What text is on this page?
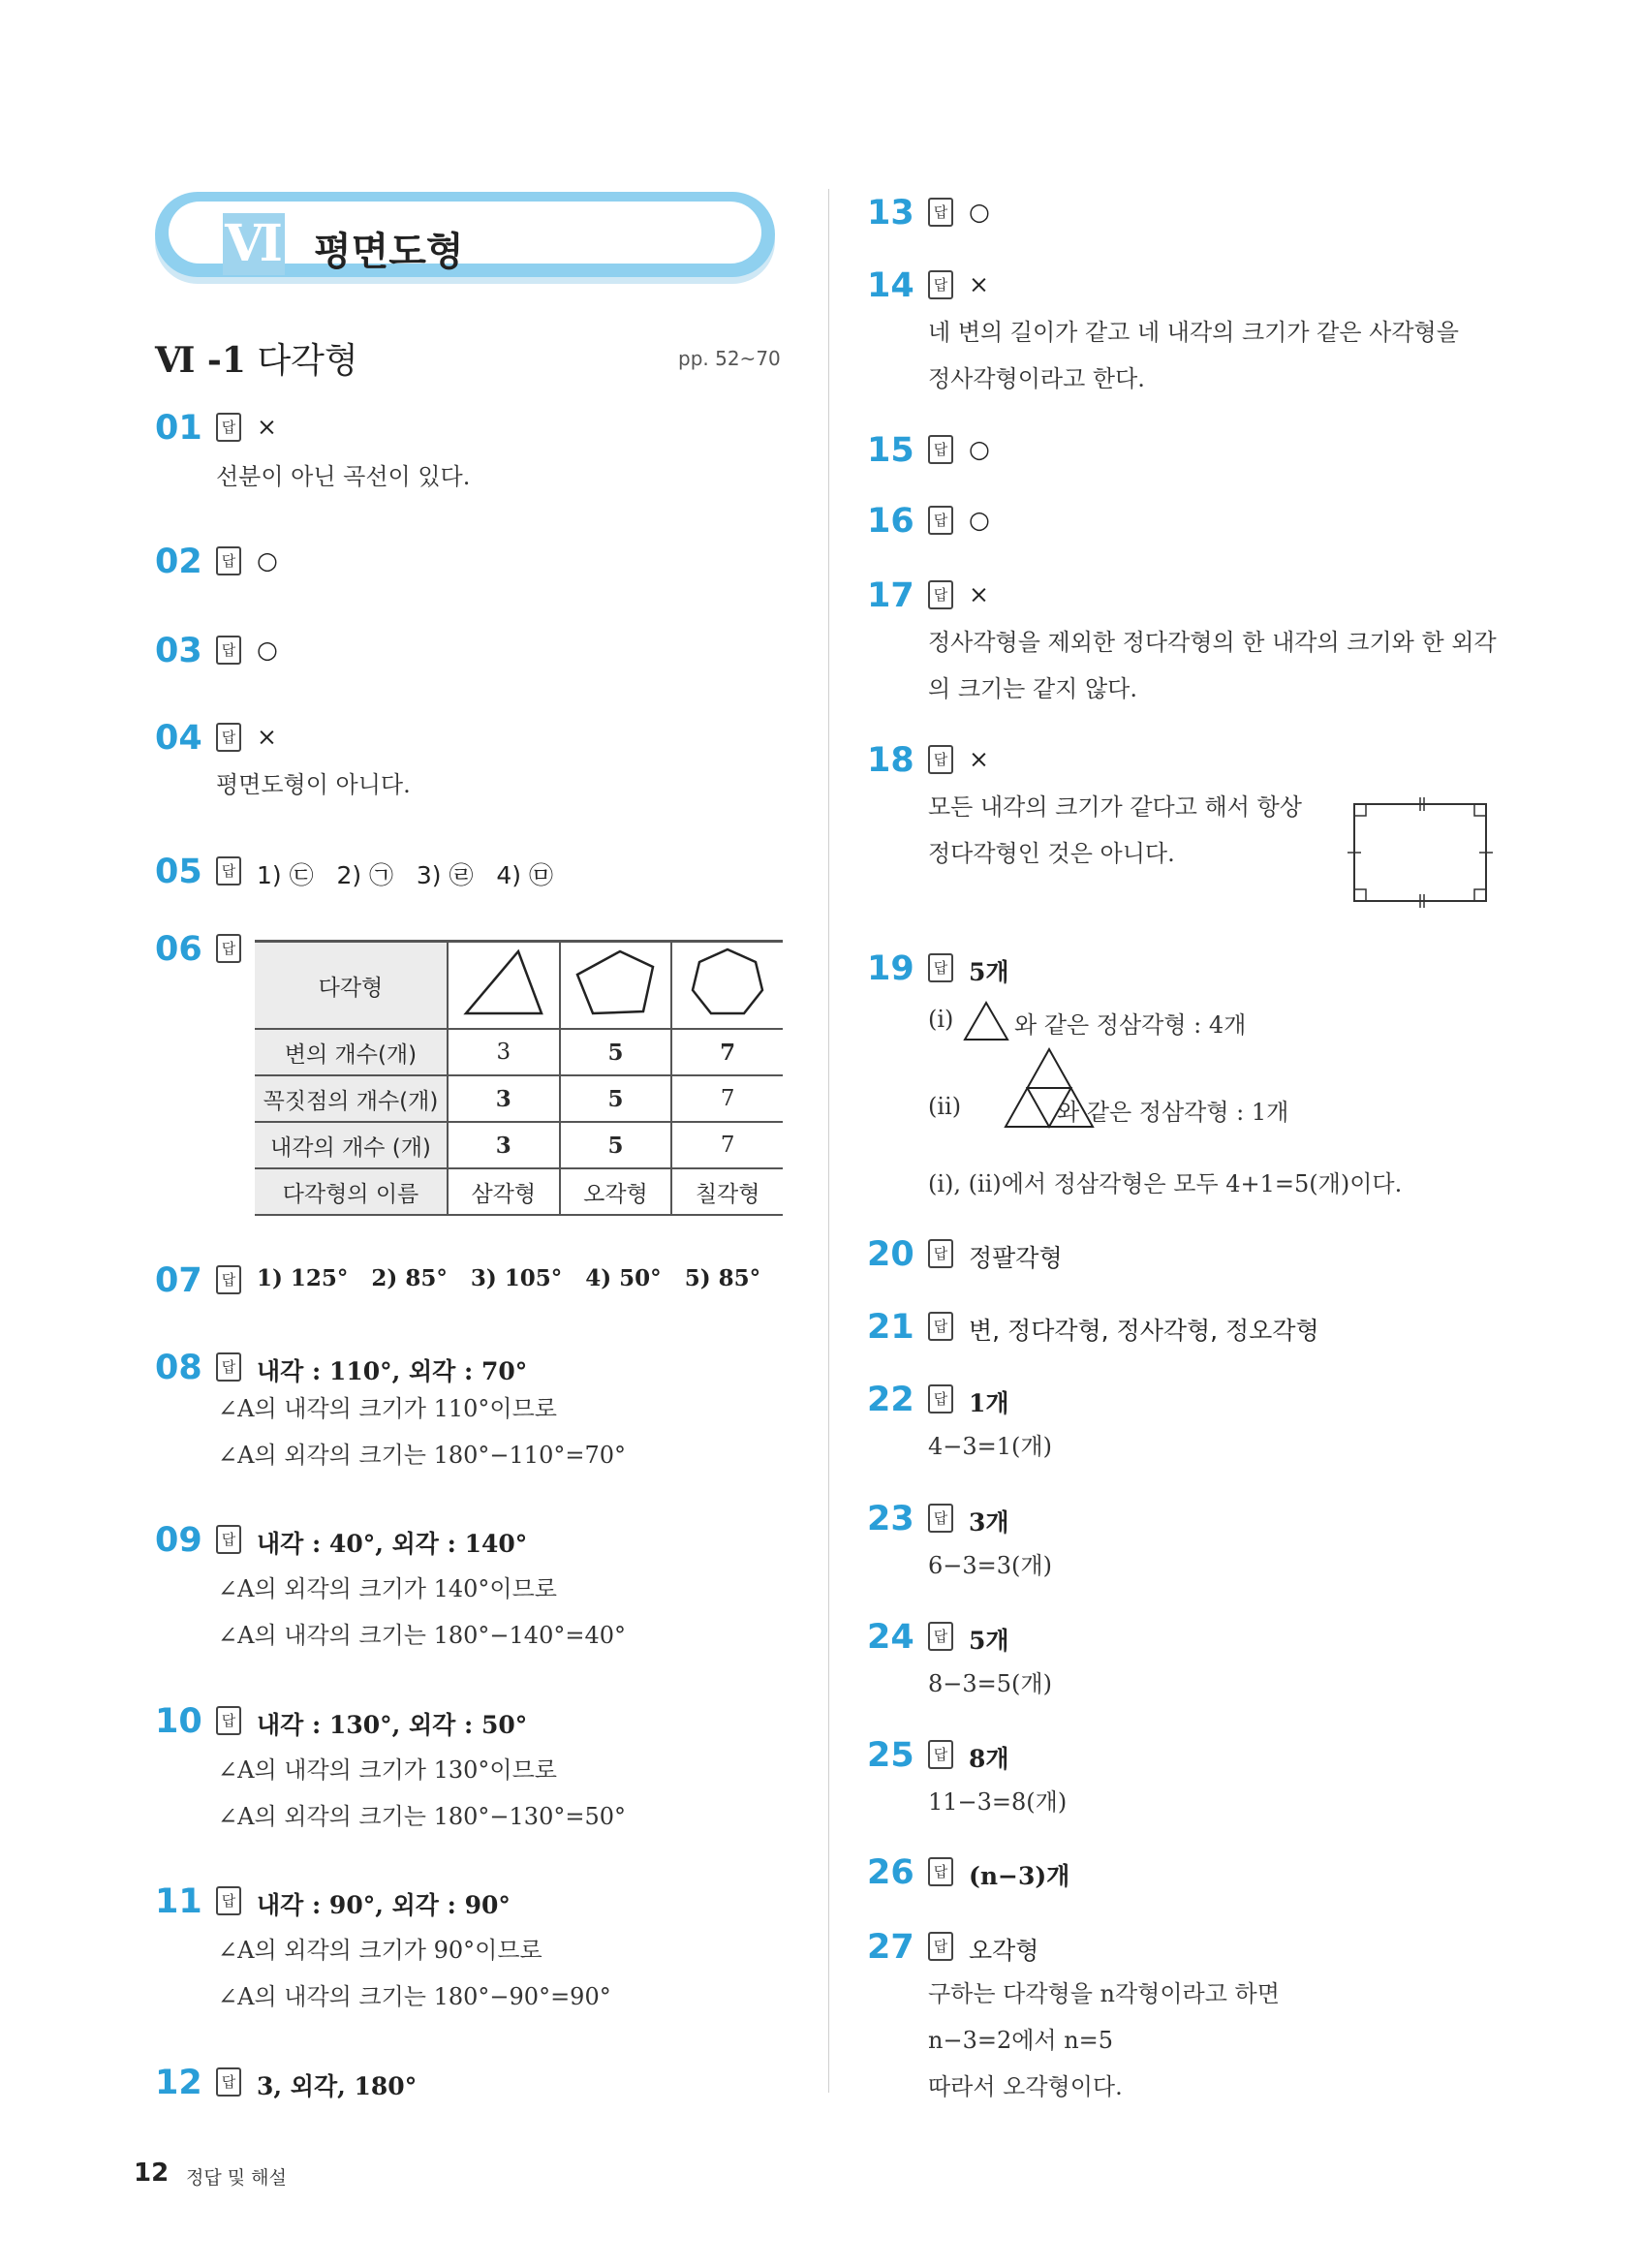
Ⅵ 평면도형
Ⅵ -1 다각형	pp. 52~70
01	답 ×
선분이 아닌 곡선이 있다.
02	답 ○
03	답 ○
04	답 ×
평면도형이 아니다.
05	답 1) ㉢   2) ㉠   3) ㉣   4) ㉤
06	답
다각형			
변의 개수(개)	3	5	7
꼭짓점의 개수(개)	3	5	7
내각의 개수 (개)	3	5	7
다각형의 이름	삼각형	오각형	칠각형
07	답 1) 125°   2) 85°   3) 105°   4) 50°   5) 85°
08	답 내각 : 110°, 외각 : 70°
∠A의 내각의 크기가 110°이므로
∠A의 외각의 크기는 180°−110°=70°
09	답 내각 : 40°, 외각 : 140°
∠A의 외각의 크기가 140°이므로
∠A의 내각의 크기는 180°−140°=40°
10	답 내각 : 130°, 외각 : 50°
∠A의 내각의 크기가 130°이므로
∠A의 외각의 크기는 180°−130°=50°
11	답 내각 : 90°, 외각 : 90°
∠A의 외각의 크기가 90°이므로
∠A의 내각의 크기는 180°−90°=90°
12	답 3, 외각, 180°
13	답 ○
14	답 ×
네 변의 길이가 같고 네 내각의 크기가 같은 사각형을
정사각형이라고 한다.
15	답 ○
16	답 ○
17	답 ×
정사각형을 제외한 정다각형의 한 내각의 크기와 한 외각
의 크기는 같지 않다.
18	답 ×
모든 내각의 크기가 같다고 해서 항상
정다각형인 것은 아니다.
19	답 5개
(ⅰ)	와 같은 정삼각형 : 4개
(ⅱ)	와 같은 정삼각형 : 1개
(ⅰ), (ⅱ)에서 정삼각형은 모두 4+1=5(개)이다.
20	답 정팔각형
21	답 변, 정다각형, 정사각형, 정오각형
22	답 1개
4−3=1(개)
23	답 3개
6−3=3(개)
24	답 5개
8−3=5(개)
25	답 8개
11−3=8(개)
26	답 (n−3)개
27	답 오각형
구하는 다각형을 n각형이라고 하면
n−3=2에서 n=5
따라서 오각형이다.
12 정답 및 해설
